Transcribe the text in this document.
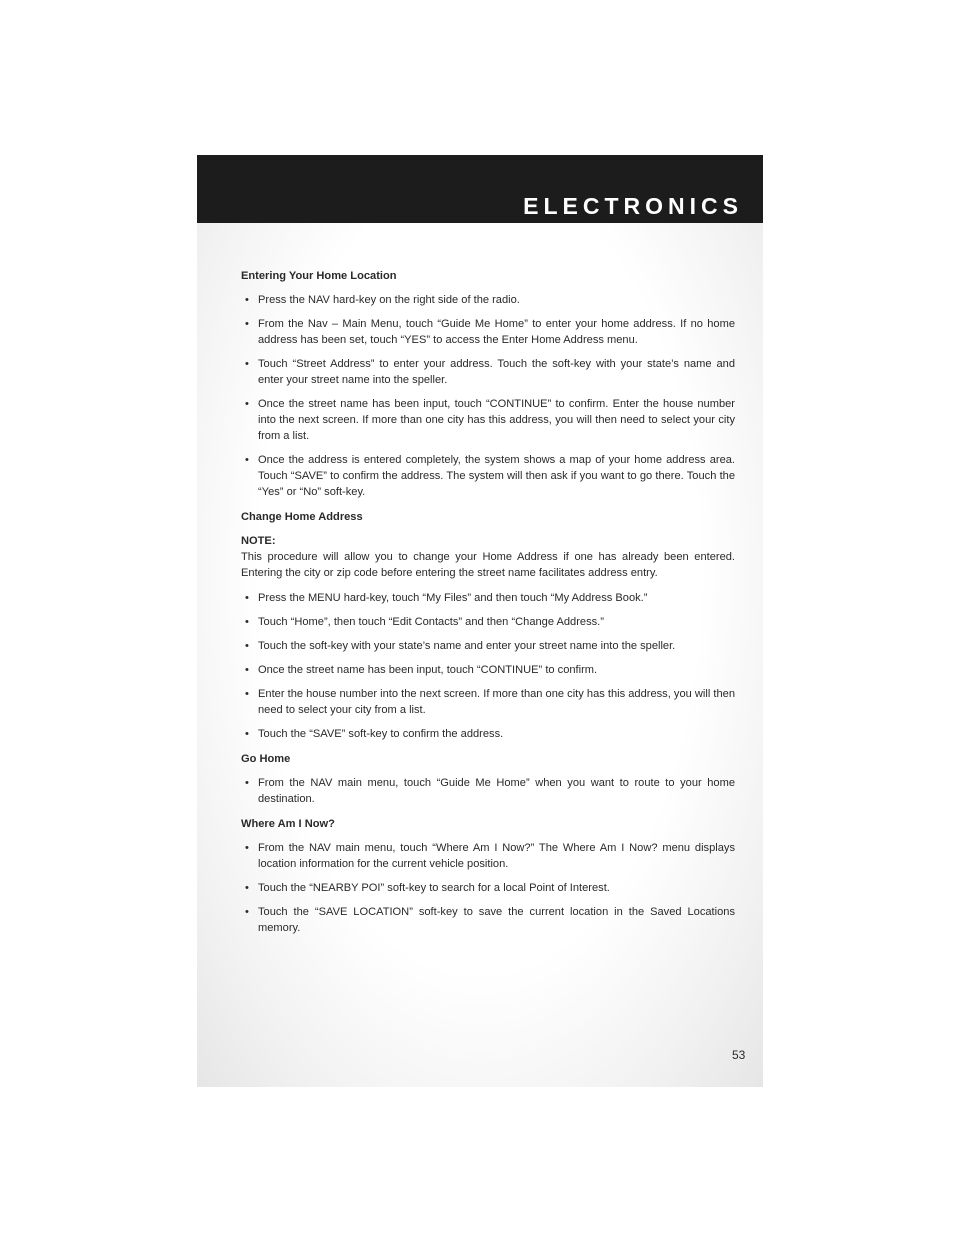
ELECTRONICS

Entering Your Home Location

• Press the NAV hard-key on the right side of the radio.
• From the Nav – Main Menu, touch “Guide Me Home” to enter your home address. If no home address has been set, touch “YES” to access the Enter Home Address menu.
• Touch “Street Address” to enter your address. Touch the soft-key with your state’s name and enter your street name into the speller.
• Once the street name has been input, touch “CONTINUE” to confirm. Enter the house number into the next screen. If more than one city has this address, you will then need to select your city from a list.
• Once the address is entered completely, the system shows a map of your home address area. Touch “SAVE” to confirm the address. The system will then ask if you want to go there. Touch the “Yes” or “No” soft-key.

Change Home Address

NOTE:

This procedure will allow you to change your Home Address if one has already been entered. Entering the city or zip code before entering the street name facilitates address entry.

• Press the MENU hard-key, touch “My Files” and then touch “My Address Book.”
• Touch “Home”, then touch “Edit Contacts” and then “Change Address.”
• Touch the soft-key with your state’s name and enter your street name into the speller.
• Once the street name has been input, touch “CONTINUE” to confirm.
• Enter the house number into the next screen. If more than one city has this address, you will then need to select your city from a list.
• Touch the “SAVE” soft-key to confirm the address.

Go Home

• From the NAV main menu, touch “Guide Me Home” when you want to route to your home destination.

Where Am I Now?

• From the NAV main menu, touch “Where Am I Now?” The Where Am I Now? menu displays location information for the current vehicle position.
• Touch the “NEARBY POI” soft-key to search for a local Point of Interest.
• Touch the “SAVE LOCATION” soft-key to save the current location in the Saved Locations memory.
53
